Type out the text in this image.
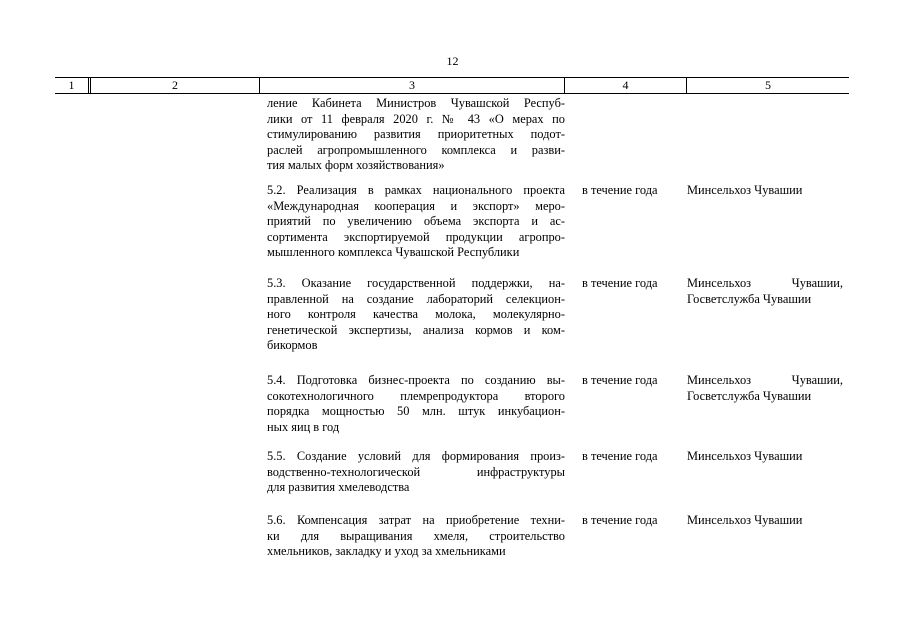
12
1	2	3	4	5
ление Кабинета Министров Чувашской Респуб-
лики от 11 февраля 2020 г. № 43 «О мерах по
стимулированию развития приоритетных подот-
раслей агропромышленного комплекса и разви-
тия малых форм хозяйствования»
5.2. Реализация в рамках национального проекта
«Международная кооперация и экспорт» меро-
приятий по увеличению объема экспорта и ас-
сортимента экспортируемой продукции агропро-
мышленного комплекса Чувашской Республики
в течение года	Минсельхоз Чувашии
5.3. Оказание государственной поддержки, на-
правленной на создание лабораторий селекцион-
ного контроля качества молока, молекулярно-
генетической экспертизы, анализа кормов и ком-
бикормов
в течение года	Минсельхоз Чувашии,
Госветслужба Чувашии
5.4. Подготовка бизнес-проекта по созданию вы-
сокотехнологичного племрепродуктора второго
порядка мощностью 50 млн. штук инкубацион-
ных яиц в год
в течение года	Минсельхоз Чувашии,
Госветслужба Чувашии
5.5. Создание условий для формирования произ-
водственно-технологической инфраструктуры
для развития хмелеводства
в течение года	Минсельхоз Чувашии
5.6. Компенсация затрат на приобретение техни-
ки для выращивания хмеля, строительство
хмельников, закладку и уход за хмельниками
в течение года	Минсельхоз Чувашии
